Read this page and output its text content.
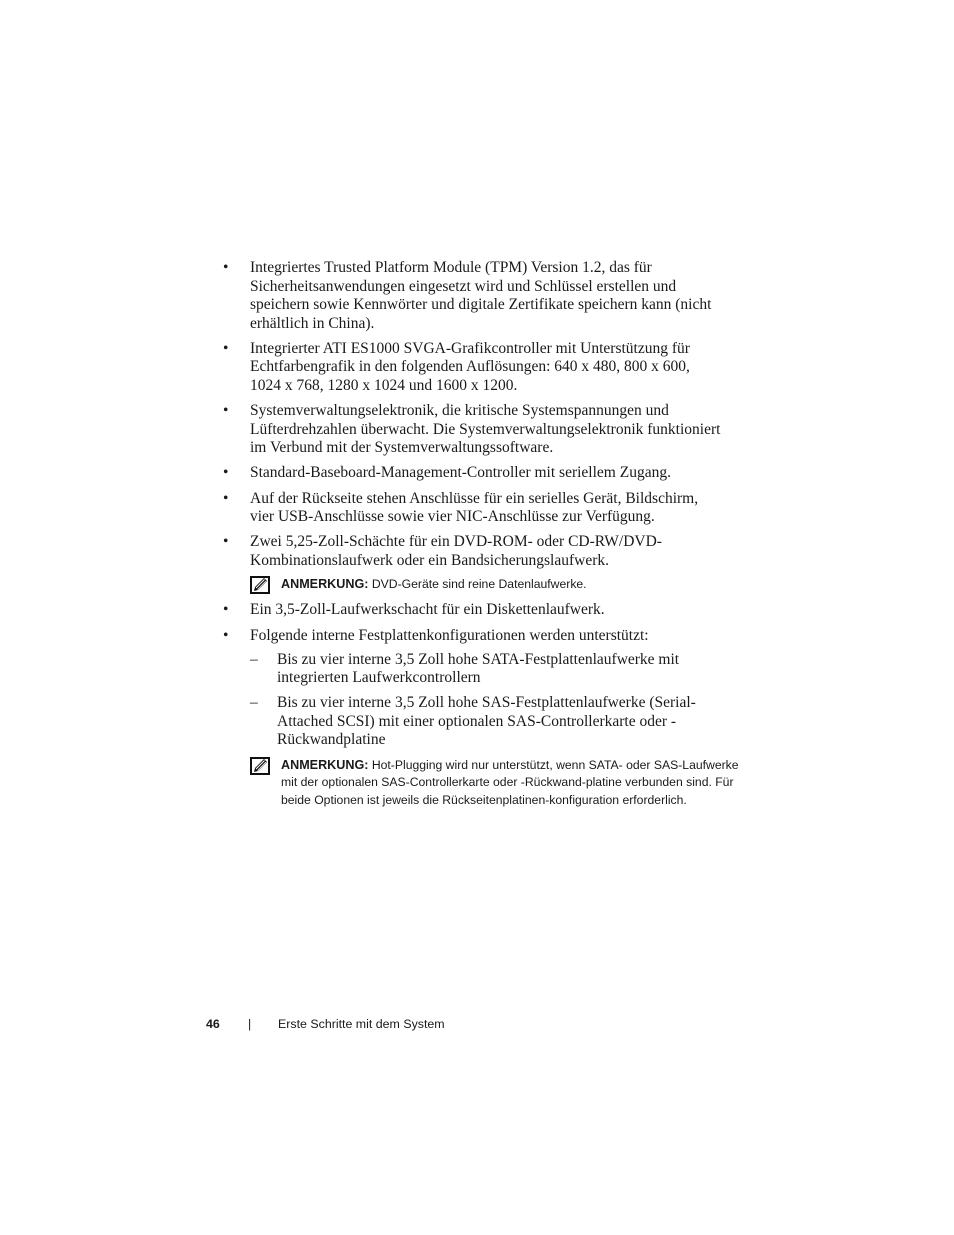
• Integriertes Trusted Platform Module (TPM) Version 1.2, das für Sicherheitsanwendungen eingesetzt wird und Schlüssel erstellen und speichern sowie Kennwörter und digitale Zertifikate speichern kann (nicht erhältlich in China).
• Integrierter ATI ES1000 SVGA-Grafikcontroller mit Unterstützung für Echtfarbengrafik in den folgenden Auflösungen: 640 x 480, 800 x 600, 1024 x 768, 1280 x 1024 und 1600 x 1200.
• Systemverwaltungselektronik, die kritische Systemspannungen und Lüfterdrehzahlen überwacht. Die Systemverwaltungselektronik funktioniert im Verbund mit der Systemverwaltungssoftware.
• Standard-Baseboard-Management-Controller mit seriellem Zugang.
• Auf der Rückseite stehen Anschlüsse für ein serielles Gerät, Bildschirm, vier USB-Anschlüsse sowie vier NIC-Anschlüsse zur Verfügung.
• Zwei 5,25-Zoll-Schächte für ein DVD-ROM- oder CD-RW/DVD-Kombinationslaufwerk oder ein Bandsicherungslaufwerk.
ANMERKUNG: DVD-Geräte sind reine Datenlaufwerke.
• Ein 3,5-Zoll-Laufwerkschacht für ein Diskettenlaufwerk.
• Folgende interne Festplattenkonfigurationen werden unterstützt:
– Bis zu vier interne 3,5 Zoll hohe SATA-Festplattenlaufwerke mit integrierten Laufwerkcontrollern
– Bis zu vier interne 3,5 Zoll hohe SAS-Festplattenlaufwerke (Serial-Attached SCSI) mit einer optionalen SAS-Controllerkarte oder -Rückwandplatine
ANMERKUNG: Hot-Plugging wird nur unterstützt, wenn SATA- oder SAS-Laufwerke mit der optionalen SAS-Controllerkarte oder -Rückwand-platine verbunden sind. Für beide Optionen ist jeweils die Rückseitenplatinen-konfiguration erforderlich.
46 | Erste Schritte mit dem System
